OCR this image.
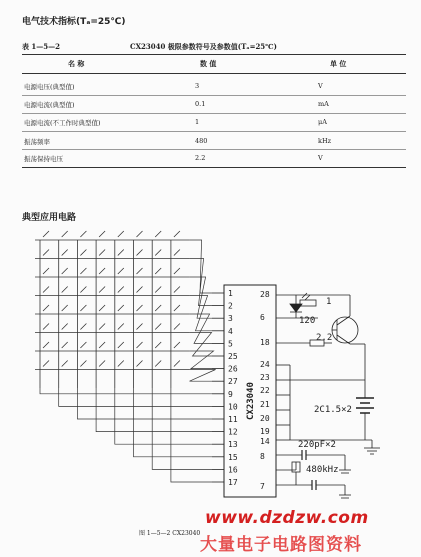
电气技术指标(Tₐ=25℃)
表 1—5—2	CX23040 极限参数符号及参数值(Tₐ=25℃)
名 称	数 值	单 位
电源电压(典型值)	3	V
电源电流(典型值)	0.1	mA
电源电流(不工作时典型值)	1	μA
振荡频率	480	kHz
振荡保持电压	2.2	V
典型应用电路
CX23040
1
2
3
4
5
25
26
27
9
10
11
12
13
15
16
17
28
6
18
24
23
22
21
20
19
14
8
7
1
120
2.2
2C1.5×2
220pF×2
480kHz
图 1—5—2 CX23040
www.dzdzw.com
大量电子电路图资料
